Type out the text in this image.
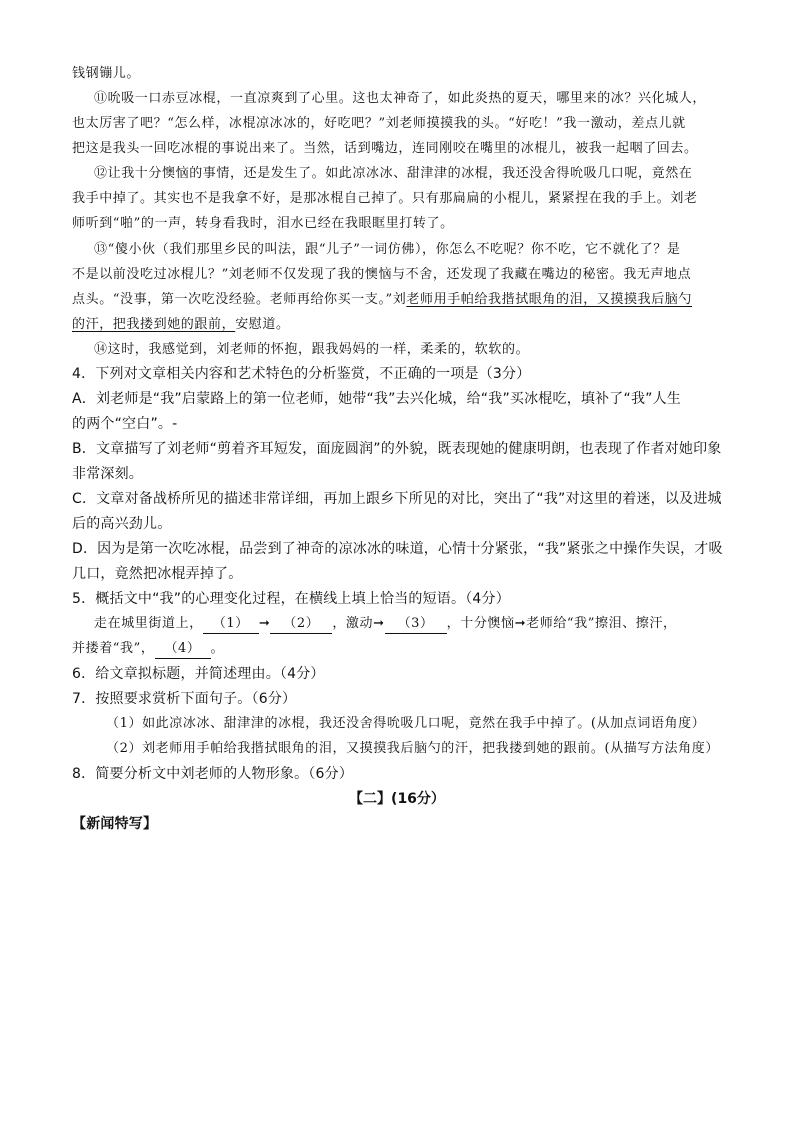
钱钢镚儿。
⑪吮吸一口赤豆冰棍，一直凉爽到了心里。这也太神奇了，如此炎热的夏天，哪里来的冰？兴化城人，
也太厉害了吧？“怎么样，冰棍凉冰冰的，好吃吧？”刘老师摸摸我的头。“好吃！”我一激动，差点儿就
把这是我头一回吃冰棍的事说出来了。当然，话到嘴边，连同刚咬在嘴里的冰棍儿，被我一起咽了回去。
⑫让我十分懊恼的事情，还是发生了。如此凉冰冰、甜津津的冰棍，我还没舍得吮吸几口呢，竟然在
我手中掉了。其实也不是我拿不好，是那冰棍自己掉了。只有那扁扁的小棍儿，紧紧捏在我的手上。刘老
师听到“啪”的一声，转身看我时，泪水已经在我眼眶里打转了。
⑬“傻小伙（我们那里乡民的叫法，跟“儿子”一词仿佛），你怎么不吃呢？你不吃，它不就化了？是
不是以前没吃过冰棍儿？”刘老师不仅发现了我的懊恼与不舍，还发现了我藏在嘴边的秘密。我无声地点
点头。“没事，第一次吃没经验。老师再给你买一支。”刘老师用手帕给我揩拭眼角的泪，又摸摸我后脑勺
的汗，把我搂到她的跟前，安慰道。
⑭这时，我感觉到，刘老师的怀抱，跟我妈妈的一样，柔柔的，软软的。
4．下列对文章相关内容和艺术特色的分析鉴赏，不正确的一项是（3分）
A．刘老师是“我”启蒙路上的第一位老师，她带“我”去兴化城，给“我”买冰棍吃，填补了“我”人生
的两个“空白”。-
B．文章描写了刘老师“剪着齐耳短发，面庞圆润”的外貌，既表现她的健康明朗，也表现了作者对她印象
非常深刻。
C．文章对备战桥所见的描述非常详细，再加上跟乡下所见的对比，突出了“我”对这里的着迷，以及进城
后的高兴劲儿。
D．因为是第一次吃冰棍，品尝到了神奇的凉冰冰的味道，心情十分紧张，“我”紧张之中操作失误，才吸
几口，竟然把冰棍弄掉了。
5．概括文中“我”的心理变化过程，在横线上填上恰当的短语。（4分）
走在城里街道上， （1） ➞ （2） ，激动➞ （3） ，十分懊恼➞老师给“我”擦泪、擦汗，
并搂着“我”， （4） 。
6．给文章拟标题，并简述理由。（4分）
7．按照要求赏析下面句子。（6分）
（1）如此凉冰冰、甜津津的冰棍，我还没舍得吮吸几口呢，竟然在我手中掉了。(从加点词语角度）
（2）刘老师用手帕给我揩拭眼角的泪，又摸摸我后脑勺的汗，把我搂到她的跟前。(从描写方法角度）
8．简要分析文中刘老师的人物形象。（6分）
【二】(16分）
【新闻特写】
